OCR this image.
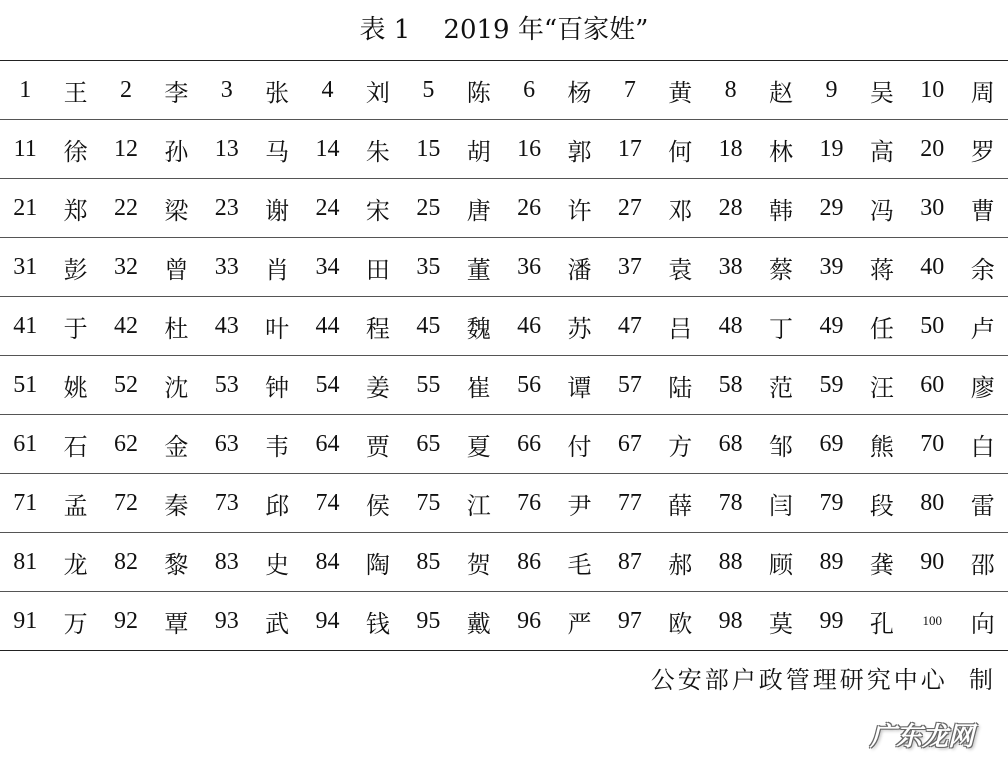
表 1    2019 年“百家姓”
1	王	2	李	3	张	4	刘	5	陈	6	杨	7	黄	8	赵	9	吴	10	周
11	徐	12	孙	13	马	14	朱	15	胡	16	郭	17	何	18	林	19	高	20	罗
21	郑	22	梁	23	谢	24	宋	25	唐	26	许	27	邓	28	韩	29	冯	30	曹
31	彭	32	曾	33	肖	34	田	35	董	36	潘	37	袁	38	蔡	39	蒋	40	余
41	于	42	杜	43	叶	44	程	45	魏	46	苏	47	吕	48	丁	49	任	50	卢
51	姚	52	沈	53	钟	54	姜	55	崔	56	谭	57	陆	58	范	59	汪	60	廖
61	石	62	金	63	韦	64	贾	65	夏	66	付	67	方	68	邹	69	熊	70	白
71	孟	72	秦	73	邱	74	侯	75	江	76	尹	77	薛	78	闫	79	段	80	雷
81	龙	82	黎	83	史	84	陶	85	贺	86	毛	87	郝	88	顾	89	龚	90	邵
91	万	92	覃	93	武	94	钱	95	戴	96	严	97	欧	98	莫	99	孔	100	向
公安部户政管理研究中心  制
广东龙网
